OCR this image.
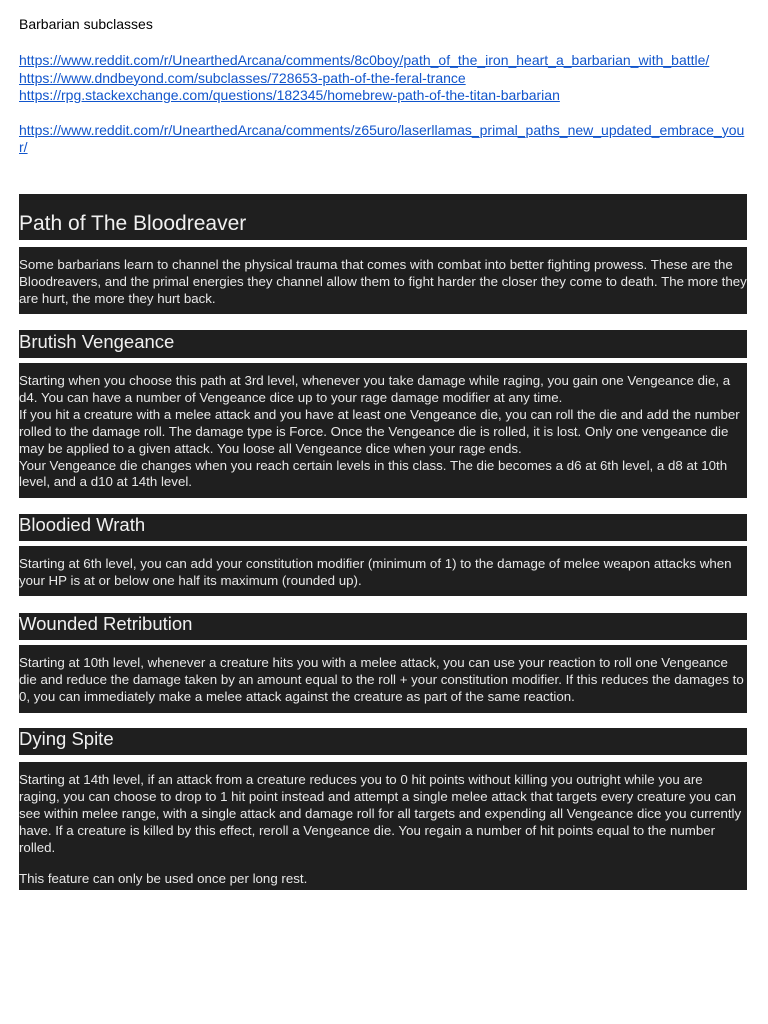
Barbarian subclasses
https://www.reddit.com/r/UnearthedArcana/comments/8c0boy/path_of_the_iron_heart_a_barbarian_with_battle/
https://www.dndbeyond.com/subclasses/728653-path-of-the-feral-trance
https://rpg.stackexchange.com/questions/182345/homebrew-path-of-the-titan-barbarian
https://www.reddit.com/r/UnearthedArcana/comments/z65uro/laserllamas_primal_paths_new_updated_embrace_your/
Path of The Bloodreaver

Some barbarians learn to channel the physical trauma that comes with combat into better fighting prowess. These are the Bloodreavers, and the primal energies they channel allow them to fight harder the closer they come to death. The more they are hurt, the more they hurt back.

Brutish Vengeance

Starting when you choose this path at 3rd level, whenever you take damage while raging, you gain one Vengeance die, a d4. You can have a number of Vengeance dice up to your rage damage modifier at any time.

If you hit a creature with a melee attack and you have at least one Vengeance die, you can roll the die and add the number rolled to the damage roll. The damage type is Force. Once the Vengeance die is rolled, it is lost. Only one vengeance die may be applied to a given attack. You loose all Vengeance dice when your rage ends.

Your Vengeance die changes when you reach certain levels in this class. The die becomes a d6 at 6th level, a d8 at 10th level, and a d10 at 14th level.

Bloodied Wrath

Starting at 6th level, you can add your constitution modifier (minimum of 1) to the damage of melee weapon attacks when your HP is at or below one half its maximum (rounded up).

Wounded Retribution

Starting at 10th level, whenever a creature hits you with a melee attack, you can use your reaction to roll one Vengeance die and reduce the damage taken by an amount equal to the roll + your constitution modifier. If this reduces the damages to 0, you can immediately make a melee attack against the creature as part of the same reaction.

Dying Spite

Starting at 14th level, if an attack from a creature reduces you to 0 hit points without killing you outright while you are raging, you can choose to drop to 1 hit point instead and attempt a single melee attack that targets every creature you can see within melee range, with a single attack and damage roll for all targets and expending all Vengeance dice you currently have. If a creature is killed by this effect, reroll a Vengeance die. You regain a number of hit points equal to the number rolled.

This feature can only be used once per long rest.
